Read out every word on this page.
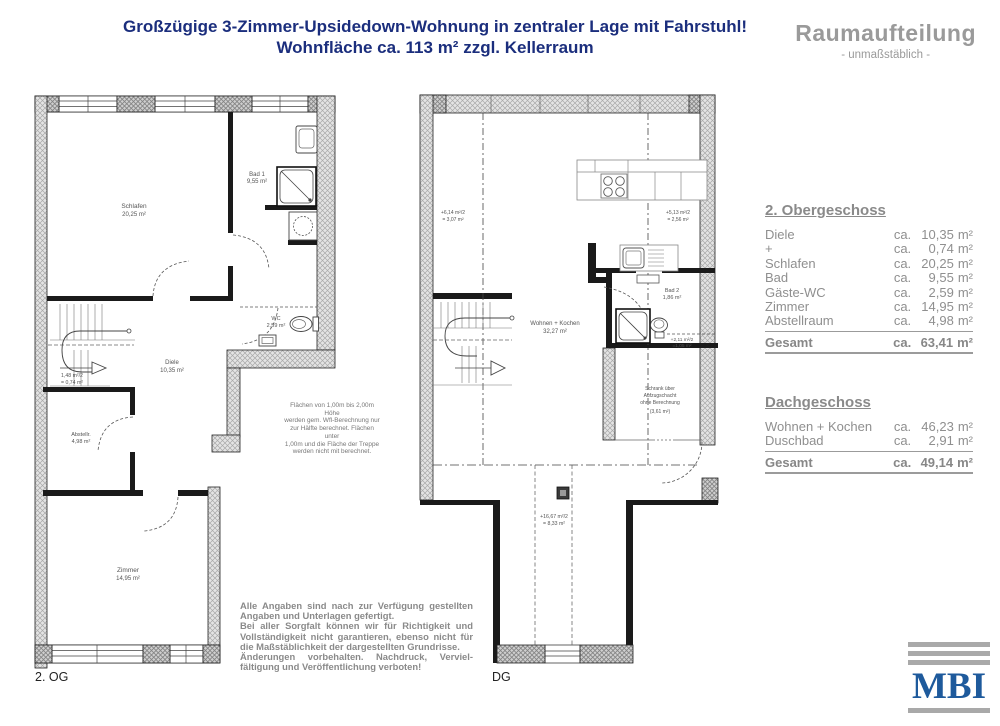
Großzügige 3-Zimmer-Upsidedown-Wohnung in zentraler Lage mit Fahrstuhl!
Wohnfläche ca. 113 m² zzgl. Kellerraum
Raumaufteilung
- unmaßstäblich -
Schlafen
20,25 m²
Bad 1
9,55 m²
WC
2,59 m²
Diele
10,35 m²
Abstellr.
4,98 m²
Zimmer
14,95 m²
1,48 m²/2
= 0,74 m²
2. OG
+6,14 m²/2
= 3,07 m²
+5,13 m²/2
= 2,56 m²
Wohnen + Kochen
32,27 m²
Bad 2
1,86 m²
+2,11 m²/2
=1,05 m²
+16,67 m²/2
= 8,33 m²
Schrank über
Aufzugschacht
ohne Berechnung
(3,61 m²)
DG
Flächen von 1,00m bis 2,00m Höhe
werden gem. Wfl-Berechnung nur
zur Hälfte berechnet. Flächen unter
1,00m und die Fläche der Treppe
werden nicht mit berechnet.
2. Obergeschoss
Diele	ca. 10,35 m²
+	ca.	0,74 m²
Schlafen	ca. 20,25 m²
Bad	ca.	9,55 m²
Gäste-WC	ca.	2,59 m²
Zimmer	ca. 14,95 m²
Abstellraum	ca.	4,98 m²
Gesamt	ca. 63,41 m²
Dachgeschoss
Wohnen + Kochen	ca. 46,23 m²
Duschbad	ca.	2,91 m²
Gesamt	ca. 49,14 m²
Alle Angaben sind nach zur Verfügung gestellten
Angaben und Unterlagen gefertigt.
Bei aller Sorgfalt können wir für Richtigkeit und
Vollständigkeit nicht garantieren, ebenso nicht für
die Maßstäblichkeit der dargestellten Grundrisse.
Änderungen vorbehalten. Nachdruck, Verviel-
fältigung und Veröffentlichung verboten!	MBI
